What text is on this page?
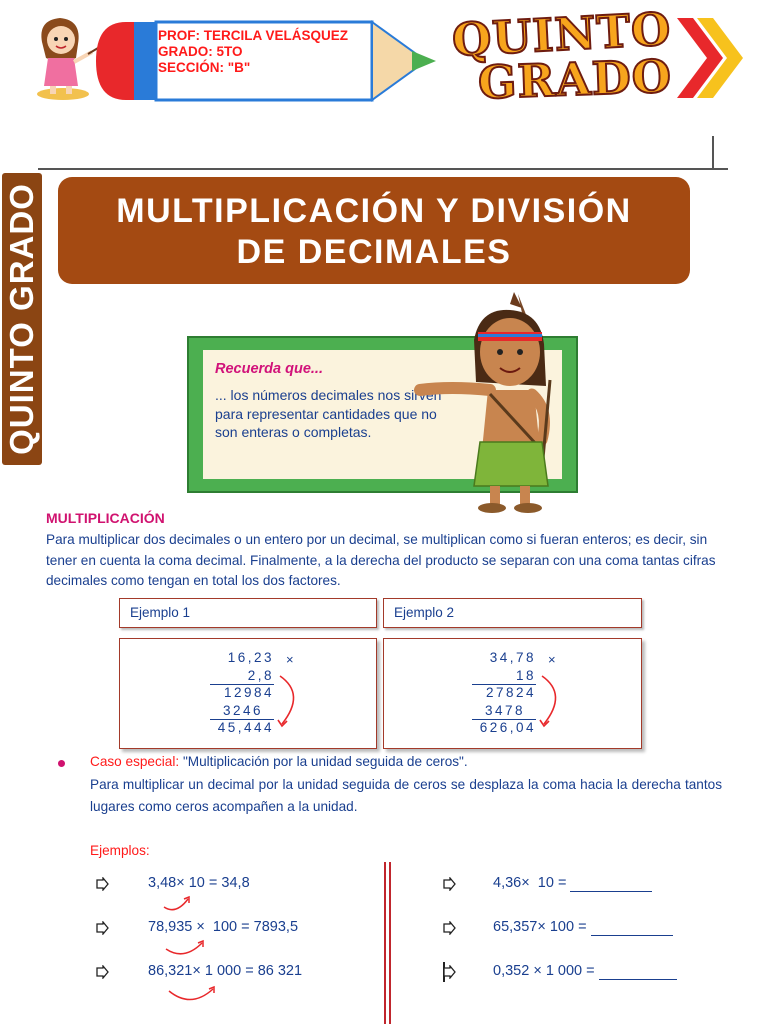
PROF: TERCILA VELÁSQUEZ
GRADO: 5TO
SECCIÓN: "B"
QUINTO
GRADO
QUINTO GRADO	MULTIPLICACIÓN Y DIVISIÓN
DE DECIMALES
Recuerda que...
... los números decimales nos sirven para representar cantidades que no son enteras o completas.
MULTIPLICACIÓN
Para multiplicar dos decimales o un entero por un decimal, se multiplican como si fueran enteros; es decir, sin tener en cuenta la coma decimal. Finalmente, a la derecha del producto se separan con una coma tantas cifras decimales como tengan en total los dos factores.
Ejemplo 1	Ejemplo 2
16,23
2,8
12984
3246
45,444
×	34,78
18
27824
3478
626,04
×
Caso especial: "Multiplicación por la unidad seguida de ceros".
Para multiplicar un decimal por la unidad seguida de ceros se desplaza la coma hacia la derecha tantos lugares como ceros acompañen a la unidad.
Ejemplos:
3,48× 10 = 34,8
78,935 × 100 = 7893,5
86,321× 1 000 = 86 321
4,36× 10 =
65,357× 100 =
0,352 × 1 000 =
